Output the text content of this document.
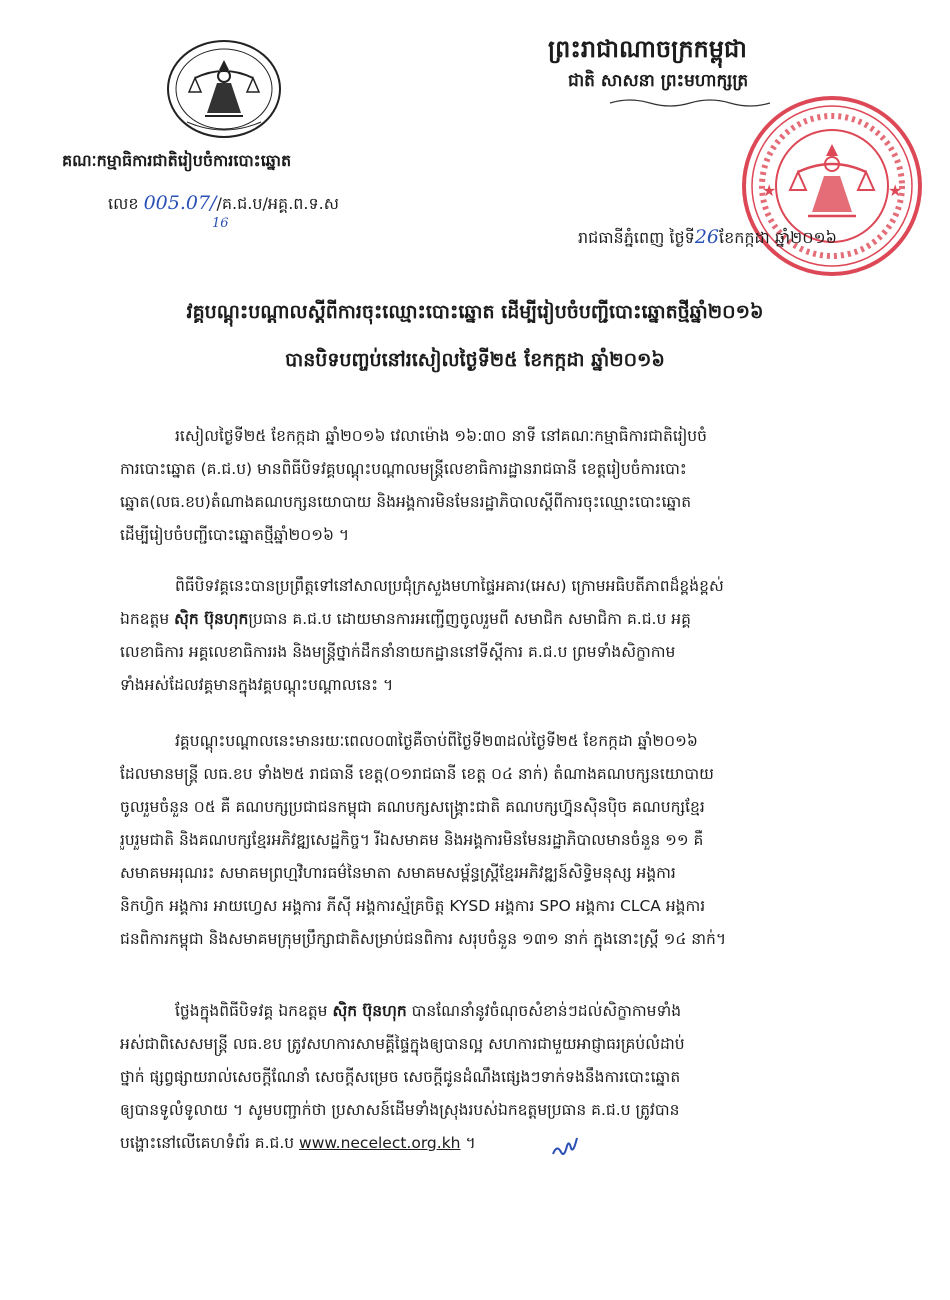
គណៈកម្មាធិការជាតិរៀបចំការបោះឆ្នោត
លេខ 005.07//គ.ជ.ប/អគ្គ.ព.ទ.ស
16
ព្រះរាជាណាចក្រកម្ពុជា
ជាតិ សាសនា ព្រះមហាក្សត្រ
★	★
រាជធានីភ្នំពេញ ថ្ងៃទី26ខែកក្កដា ឆ្នាំ២០១៦
វគ្គបណ្តុះបណ្តាលស្តីពីការចុះឈ្មោះបោះឆ្នោត ដើម្បីរៀបចំបញ្ជីបោះឆ្នោតថ្មីឆ្នាំ២០១៦
បានបិទបញ្ចប់នៅរសៀលថ្ងៃទី២៥ ខែកក្កដា ឆ្នាំ២០១៦
រសៀលថ្ងៃទី២៥ ខែកក្កដា ឆ្នាំ២០១៦ វេលាម៉ោង ១៦:៣០ នាទី នៅគណៈកម្មាធិការជាតិរៀបចំ
ការបោះឆ្នោត (គ.ជ.ប) មានពិធីបិទវគ្គបណ្តុះបណ្តាលមន្ត្រីលេខាធិការដ្ឋានរាជធានី ខេត្តរៀបចំការបោះ
ឆ្នោត(លធ.ខប)តំណាងគណបក្សនយោបាយ និងអង្គការមិនមែនរដ្ឋាភិបាលស្តីពីការចុះឈ្មោះបោះឆ្នោត
ដើម្បីរៀបចំបញ្ជីបោះឆ្នោតថ្មីឆ្នាំ២០១៦ ។
ពិធីបិទវគ្គនេះបានប្រព្រឹត្តទៅនៅសាលប្រជុំក្រសួងមហាផ្ទៃអគារ(អេស) ក្រោមអធិបតីភាពដ៏ខ្ពង់ខ្ពស់
ឯកឧត្តម ស៊ិក ប៊ុនហុកប្រធាន គ.ជ.ប ដោយមានការអញ្ជើញចូលរួមពី សមាជិក សមាជិកា គ.ជ.ប អគ្គ
លេខាធិការ អគ្គលេខាធិការរង និងមន្ត្រីថ្នាក់ដឹកនាំនាយកដ្ឋាននៅទីស្តីការ គ.ជ.ប ព្រមទាំងសិក្ខាកាម
ទាំងអស់ដែលវគ្គមានក្នុងវគ្គបណ្តុះបណ្តាលនេះ ។
វគ្គបណ្តុះបណ្តាលនេះមានរយៈពេល០៣ថ្ងៃគឺចាប់ពីថ្ងៃទី២៣ដល់ថ្ងៃទី២៥ ខែកក្កដា ឆ្នាំ២០១៦
ដែលមានមន្ត្រី លធ.ខប ទាំង២៥ រាជធានី ខេត្ត(០១រាជធានី ខេត្ត ០៤ នាក់) តំណាងគណបក្សនយោបាយ
ចូលរួមចំនួន ០៥ គឺ គណបក្សប្រជាជនកម្ពុជា គណបក្សសង្គ្រោះជាតិ គណបក្សហ្វ៊ុនស៊ិនប៉ិច គណបក្សខ្មែរ
រួបរួមជាតិ និងគណបក្សខ្មែរអភិវឌ្ឍសេដ្ឋកិច្ច។ រីឯសមាគម និងអង្គការមិនមែនរដ្ឋាភិបាលមានចំនួន ១១ គឺ
សមាគមអរុណរះ សមាគមព្រហ្មវិហារធម៌នៃមាតា សមាគមសម្ព័ន្ធស្ត្រីខ្មែរអភិវឌ្ឍន៍សិទ្ធិមនុស្ស អង្គការ
និកហ្វិក អង្គការ អាយហ្វេស អង្គការ ភីស៊ី អង្គការស្ម័គ្រចិត្ត KYSD អង្គការ SPO អង្គការ CLCA អង្គការ
ជនពិការកម្ពុជា និងសមាគមក្រុមប្រឹក្សាជាតិសម្រាប់ជនពិការ សរុបចំនួន ១៣១ នាក់ ក្នុងនោះស្ត្រី ១៤ នាក់។
ថ្លែងក្នុងពិធីបិទវគ្គ ឯកឧត្តម ស៊ិក ប៊ុនហុក បានណែនាំនូវចំណុចសំខាន់ៗដល់សិក្ខាកាមទាំង
អស់ជាពិសេសមន្ត្រី លធ.ខប ត្រូវសហការសាមគ្គីផ្ទៃក្នុងឲ្យបានល្អ សហការជាមួយអាជ្ញាធរគ្រប់លំដាប់
ថ្នាក់ ផ្សព្វផ្សាយរាល់សេចក្តីណែនាំ សេចក្តីសម្រេច សេចក្តីជូនដំណឹងផ្សេងៗទាក់ទងនឹងការបោះឆ្នោត
ឲ្យបានទូលំទូលាយ ។ សូមបញ្ជាក់ថា ប្រសាសន៍ដើមទាំងស្រុងរបស់ឯកឧត្តមប្រធាន គ.ជ.ប ត្រូវបាន
បង្ហោះនៅលើគេហទំព័រ គ.ជ.ប www.necelect.org.kh ។
